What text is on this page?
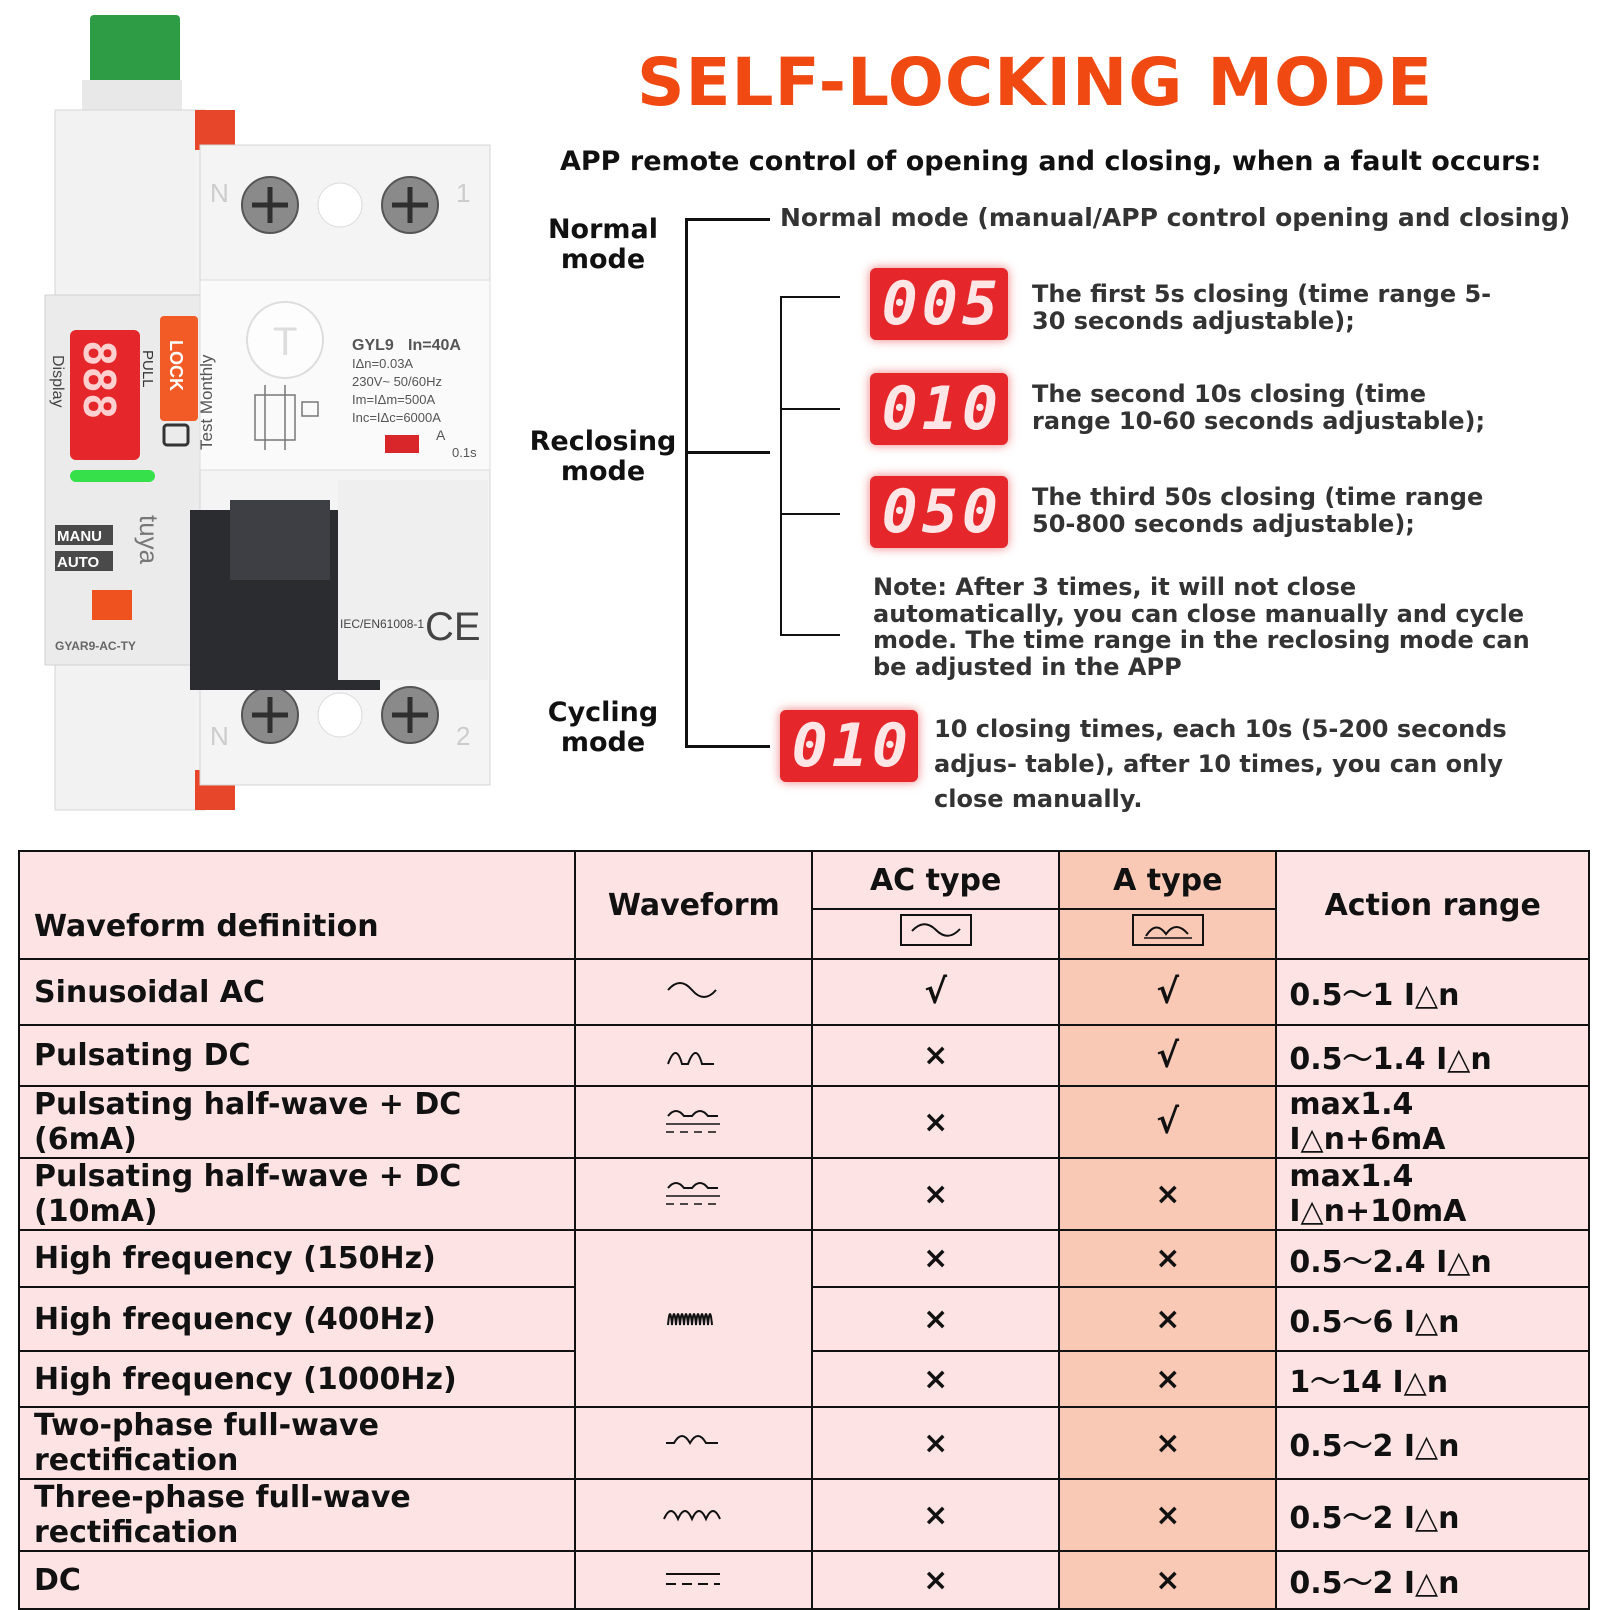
N	1
N	2
888
Display	PULL LOCK
tuya
MANU
AUTO
GYAR9-AC-TY
Test Monthly
T	GYL9 In=40A
IΔn=0.03A
230V~ 50/60Hz
Im=IΔm=500A
Inc=IΔc=6000A
A
0.1s
IEC/EN61008-1 CE
SELF-LOCKING MODE
APP remote control of opening and closing, when a fault occurs:
Normal mode
Reclosing mode
Cycling mode
Normal mode (manual/APP control opening and closing)
005 The first 5s closing (time range 5-30 seconds adjustable);
010 The second 10s closing (time range 10-60 seconds adjustable);
050 The third 50s closing (time range 50-800 seconds adjustable);
Note: After 3 times, it will not close automatically, you can close manually and cycle mode. The time range in the reclosing mode can be adjusted in the APP
010 10 closing times, each 10s (5-200 seconds adjus- table), after 10 times, you can only close manually.
Waveform definition	Waveform	AC type	A type	Action range

Sinusoidal AC		√	√	0.5～1 I△n
Pulsating DC		×	√	0.5～1.4 I△n
Pulsating half-wave + DC (6mA)		×	√	max1.4 I△n+6mA
Pulsating half-wave + DC (10mA)		×	×	max1.4 I△n+10mA
High frequency (150Hz)		×	×	0.5～2.4 I△n
High frequency (400Hz)		×	×	0.5～6 I△n
High frequency (1000Hz)		×	×	1～14 I△n
Two-phase full-wave rectification		×	×	0.5～2 I△n
Three-phase full-wave rectification		×	×	0.5～2 I△n
DC		×	×	0.5～2 I△n
